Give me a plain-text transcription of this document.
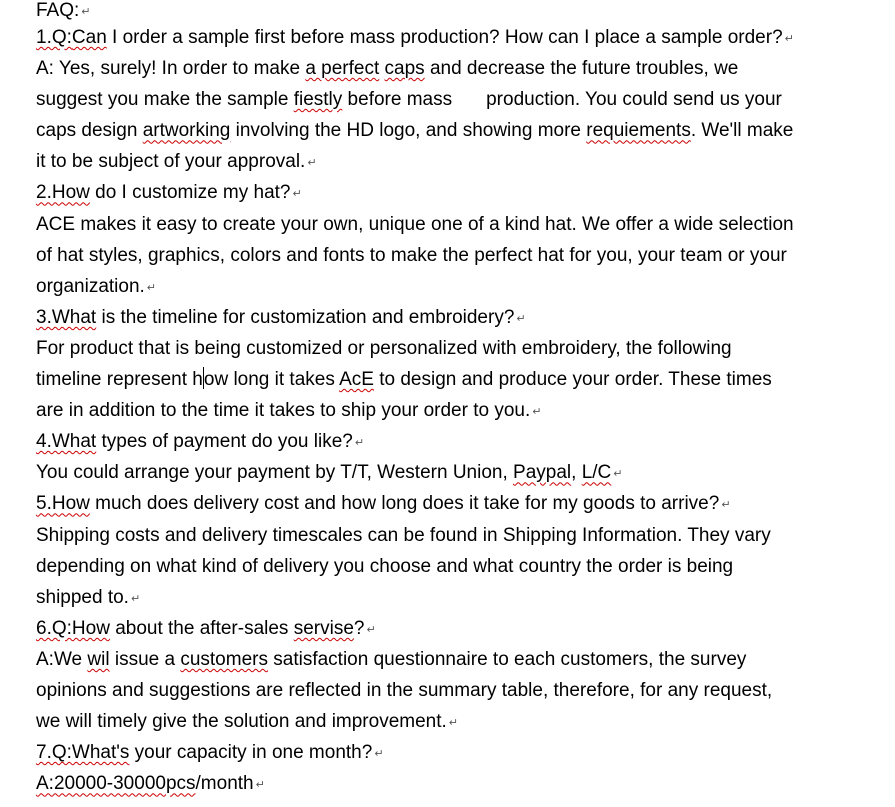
FAQ: ↵
1.Q:Can I order a sample first before mass production? How can I place a sample order? ↵
A: Yes, surely! In order to make a perfect caps and decrease the future troubles, we
suggest you make the sample fiestly before mass production. You could send us your
caps design artworking involving the HD logo, and showing more requiements. We'll make
it to be subject of your approval. ↵
2.How do I customize my hat? ↵
ACE makes it easy to create your own, unique one of a kind hat. We offer a wide selection
of hat styles, graphics, colors and fonts to make the perfect hat for you, your team or your
organization. ↵
3.What is the timeline for customization and embroidery? ↵
For product that is being customized or personalized with embroidery, the following
timeline represent how long it takes AcE to design and produce your order. These times
are in addition to the time it takes to ship your order to you. ↵
4.What types of payment do you like? ↵
You could arrange your payment by T/T, Western Union, Paypal, L/C ↵
5.How much does delivery cost and how long does it take for my goods to arrive? ↵
Shipping costs and delivery timescales can be found in Shipping Information. They vary
depending on what kind of delivery you choose and what country the order is being
shipped to. ↵
6.Q:How about the after-sales servise? ↵
A:We wil issue a customers satisfaction questionnaire to each customers, the survey
opinions and suggestions are reflected in the summary table, therefore, for any request,
we will timely give the solution and improvement. ↵
7.Q:What's your capacity in one month? ↵
A:20000-30000pcs/month ↵
